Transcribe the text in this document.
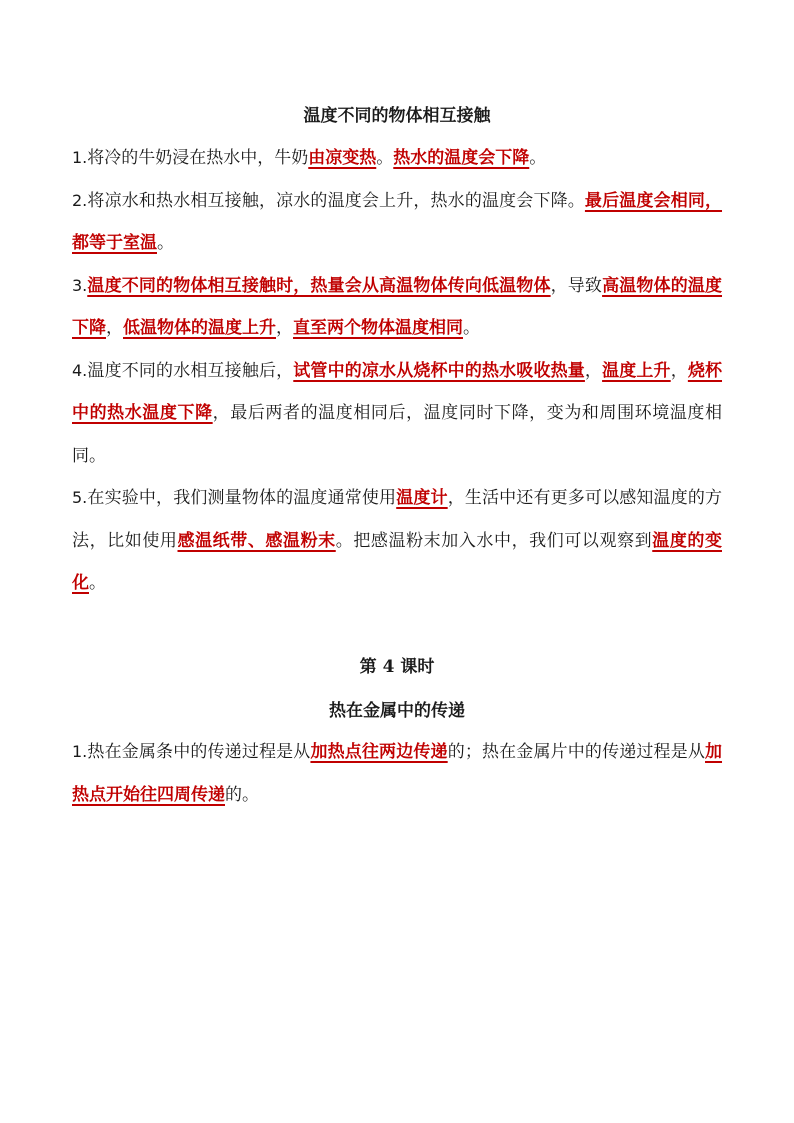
温度不同的物体相互接触

1.将冷的牛奶浸在热水中，牛奶由凉变热。热水的温度会下降。

2.将凉水和热水相互接触，凉水的温度会上升，热水的温度会下降。最后温度会相同，都等于室温。

3.温度不同的物体相互接触时，热量会从高温物体传向低温物体，导致高温物体的温度下降，低温物体的温度上升，直至两个物体温度相同。

4.温度不同的水相互接触后，试管中的凉水从烧杯中的热水吸收热量，温度上升，烧杯中的热水温度下降，最后两者的温度相同后，温度同时下降，变为和周围环境温度相同。

5.在实验中，我们测量物体的温度通常使用温度计，生活中还有更多可以感知温度的方法，比如使用感温纸带、感温粉末。把感温粉末加入水中，我们可以观察到温度的变化。

第 4 课时
热在金属中的传递

1.热在金属条中的传递过程是从加热点往两边传递的；热在金属片中的传递过程是从加热点开始往四周传递的。
